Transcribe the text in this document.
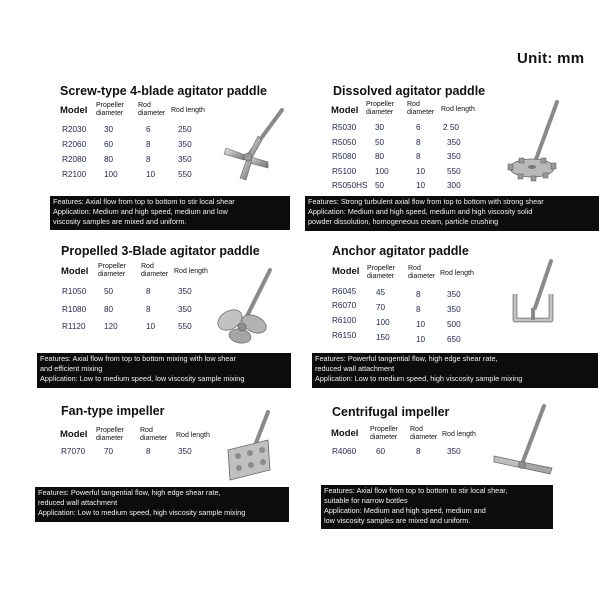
Unit: mm
Screw-type 4-blade agitator paddle
Model Propeller
diameter
Rod
diameter Rod length
R2030 30	6	250
R2060 60	8	350
R2080 80	8	350
R2100 100	10	550
Features: Axial flow from top to bottom to stir local shear
Application: Medium and high speed, medium and low
viscosity samples are mixed and uniform.
Dissolved agitator paddle
Model
Propeller
diameter
Rod
diameter Rod length
R5030 30	6	2 50
R5050 50	8	350
R5080 80	8	350
R5100 100	10	550
R5050HS 50	10	300
Features: Strong turbulent axial flow from top to bottom with strong shear
Application: Medium and high speed, medium and high viscosity solid
powder dissolution, homogeneous cream, particle crushing
Propelled 3-Blade agitator paddle
Model Propeller
diameter
Rod
diameter Rod length
R1050 50	8	350
R1080 80	8	350
R1120 120	10	550
Features: Axial flow from top to bottom mixing with low shear
and efficient mixing
Application: Low to medium speed, low viscosity sample mixing
Anchor agitator paddle
Model Propeller
diameter
Rod
diameter Rod length
R6045 45	8	350
R6070 70	8	350
R6100 100	10	500
R6150 150	10	650
Features: Powerful tangential flow, high edge shear rate,
reduced wall attachment
Application: Low to medium speed, high viscosity sample mixing
Fan-type impeller
Model Propeller
diameter
Rod
diameter Rod length
R7070 70	8	350
Features: Powerful tangential flow, high edge shear rate,
reduced wall attachment
Application: Low to medium speed, high viscosity sample mixing
Centrifugal impeller
Model Propeller
diameter
Rod
diameter Rod length
R4060 60	8	350
Features: Axial flow from top to bottom to stir local shear,
suitable for narrow bottles
Application: Medium and high speed, medium and
low viscosity samples are mixed and uniform.
